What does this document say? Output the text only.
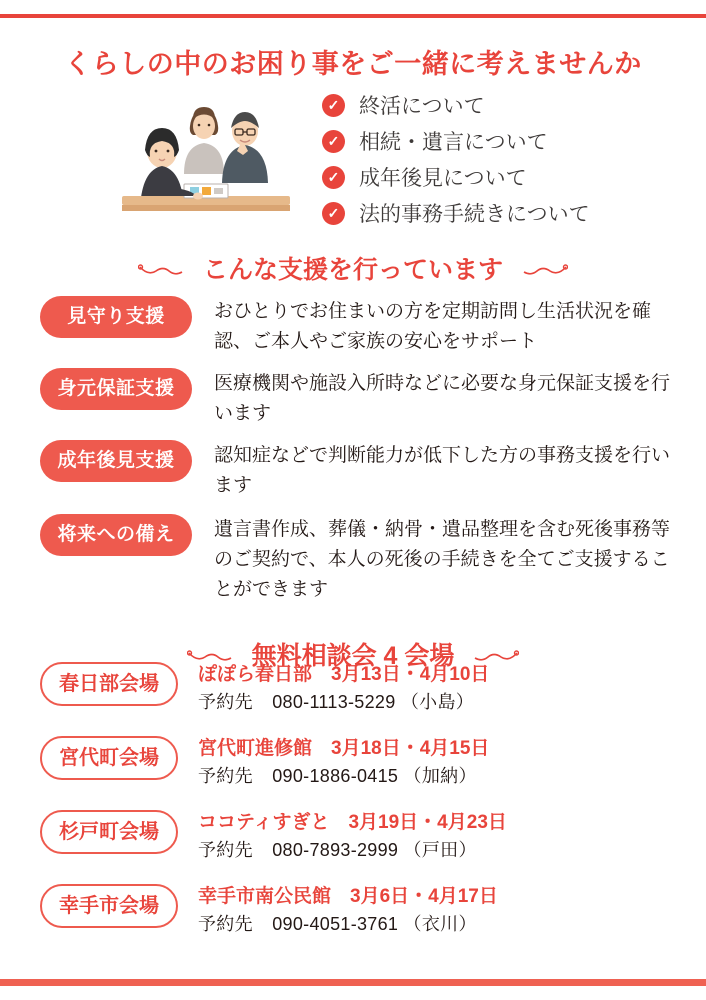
くらしの中のお困り事をご一緒に考えませんか
✓ 終活について
✓ 相続・遺言について
✓ 成年後見について
✓ 法的事務手続きについて
こんな支援を行っています
見守り支援	おひとりでお住まいの方を定期訪問し生活状況を確認、ご本人やご家族の安心をサポート
身元保証支援	医療機関や施設入所時などに必要な身元保証支援を行います
成年後見支援	認知症などで判断能力が低下した方の事務支援を行います
将来への備え	遺言書作成、葬儀・納骨・遺品整理を含む死後事務等のご契約で、本人の死後の手続きを全てご支援することができます
無料相談会 4 会場
春日部会場	ぽぽら春日部　3月13日・4月10日
予約先 080-1113-5229 （小島）
宮代町会場	宮代町進修館　3月18日・4月15日
予約先 090-1886-0415 （加納）
杉戸町会場	ココティすぎと　3月19日・4月23日
予約先 080-7893-2999 （戸田）
幸手市会場	幸手市南公民館　3月6日・4月17日
予約先 090-4051-3761 （衣川）
